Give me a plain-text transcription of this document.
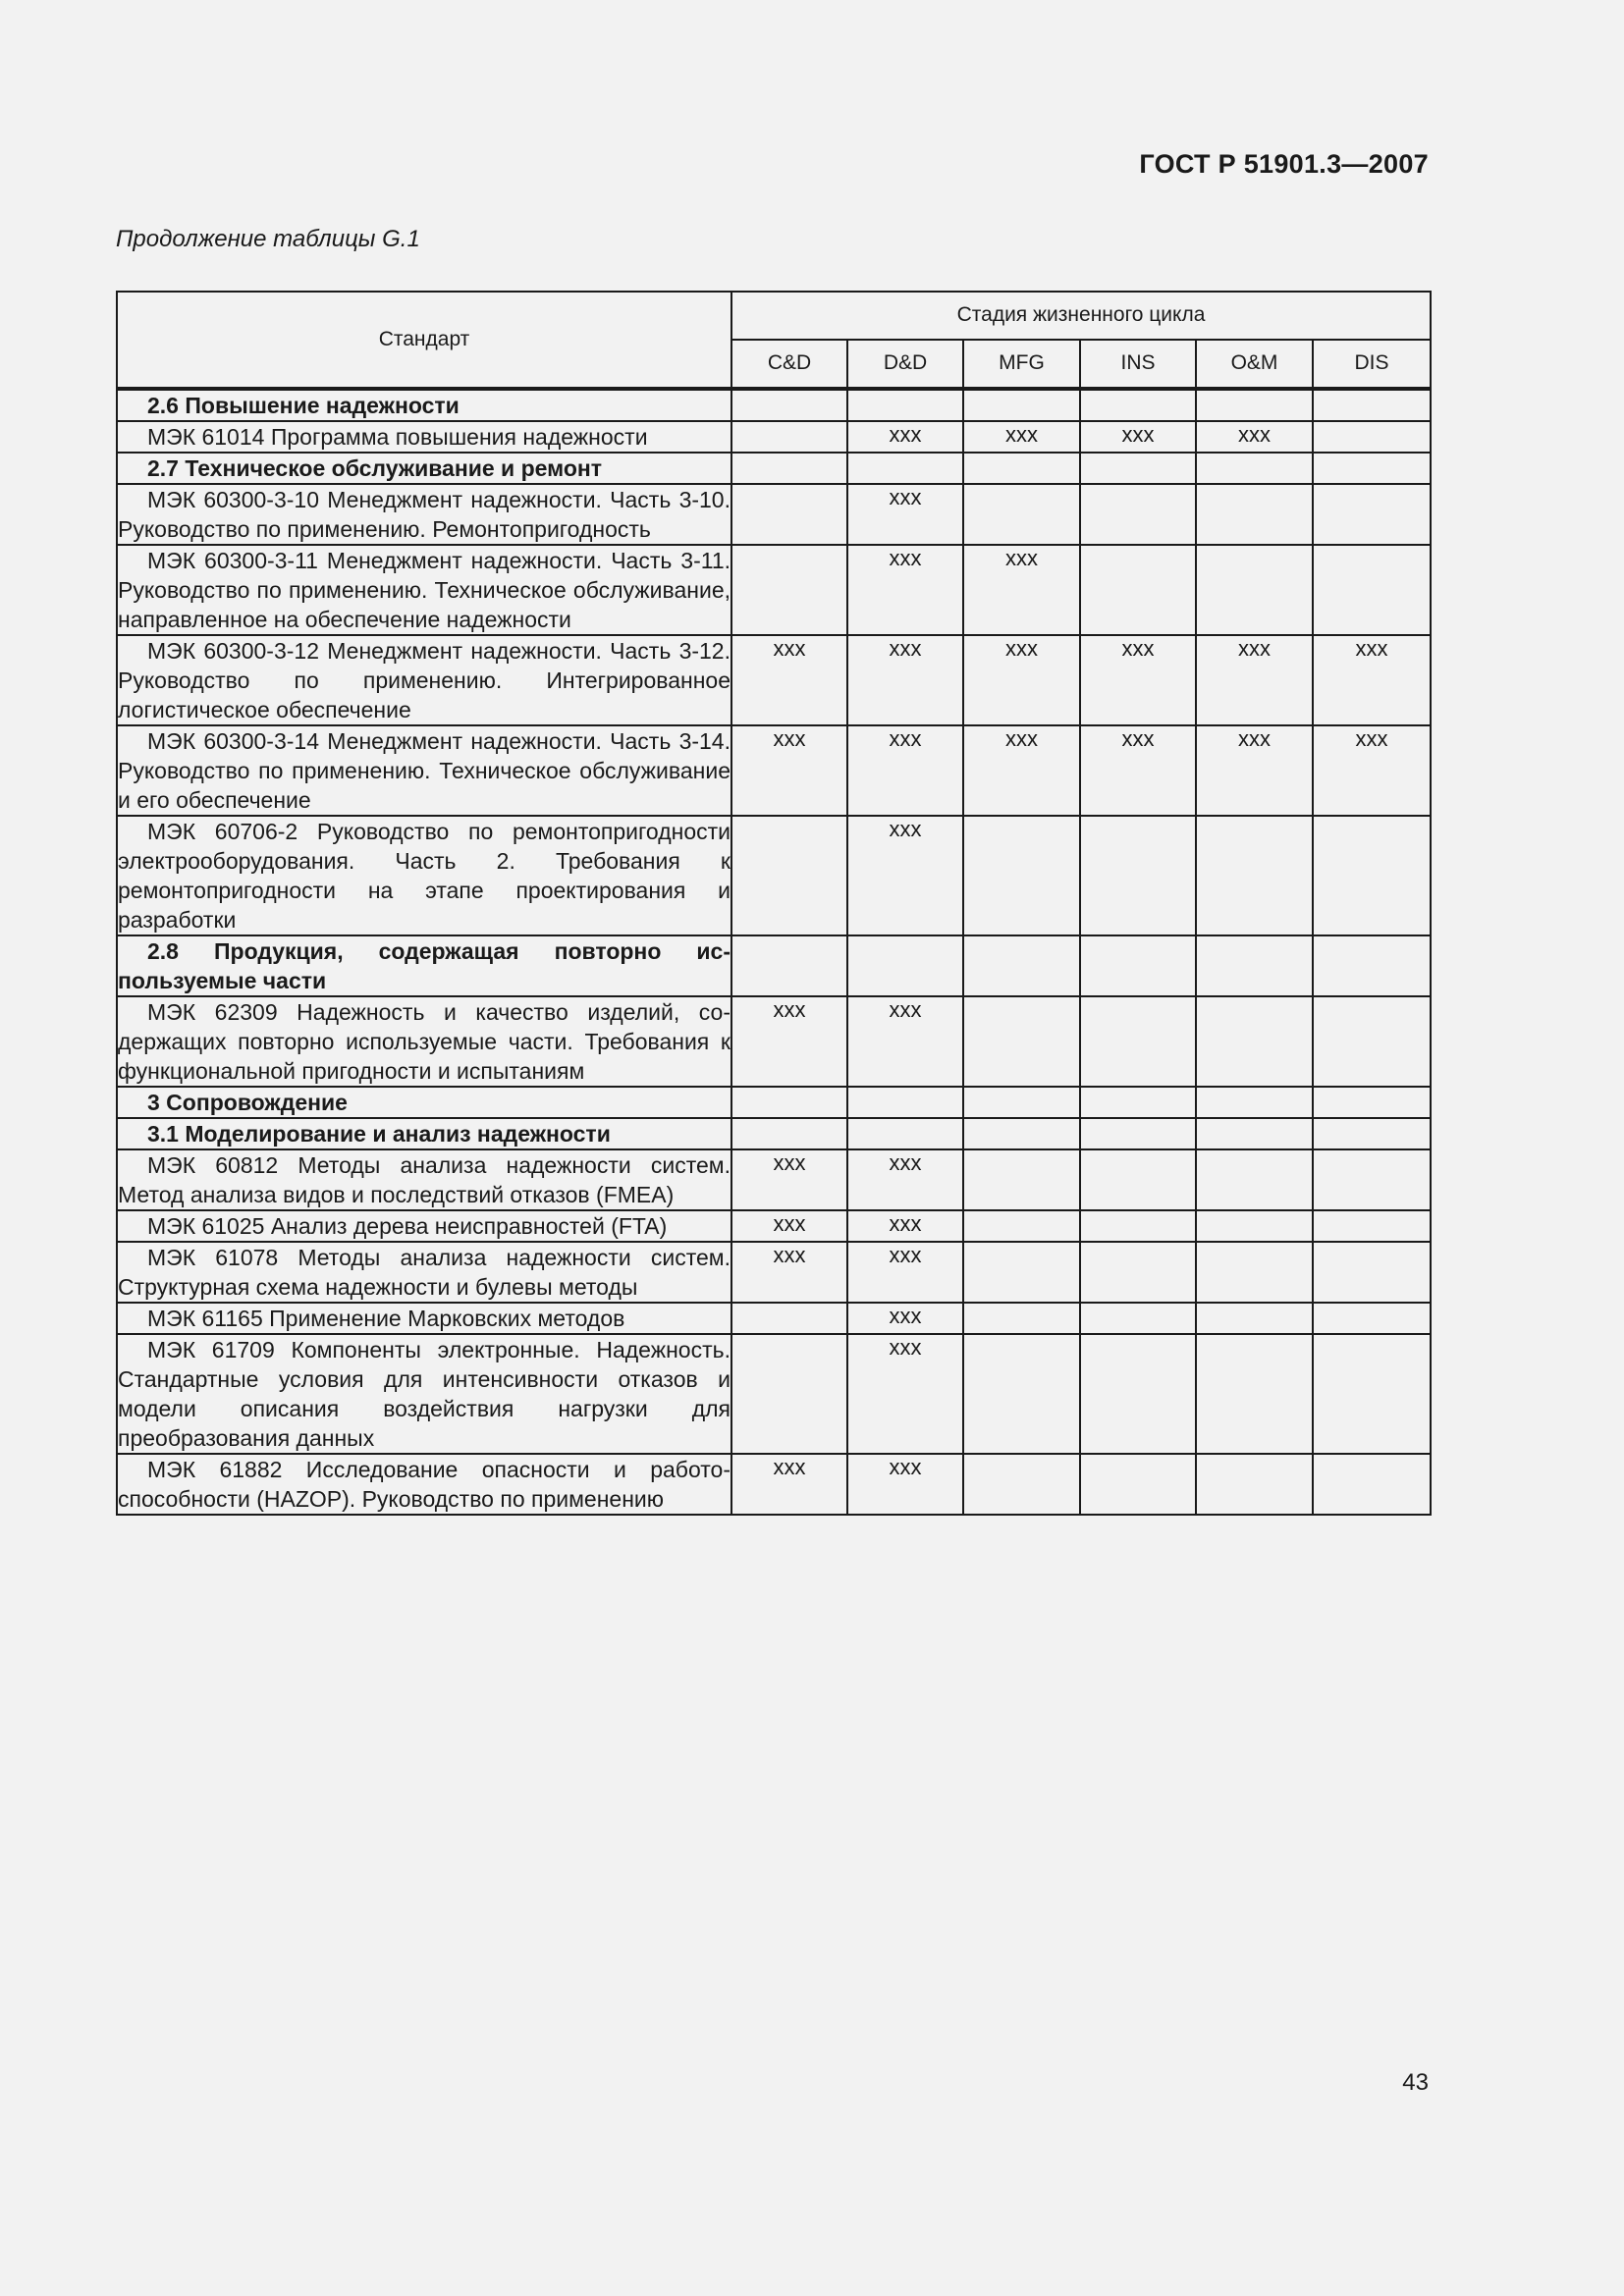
ГОСТ Р 51901.3—2007
Продолжение таблицы G.1
Стандарт	Стадия жизненного цикла					
	C&D	D&D	MFG	INS	O&M	DIS
2.6 Повышение надежности						
МЭК 61014 Программа повышения надежности		xxx	xxx	xxx	xxx	
2.7 Техническое обслуживание и ремонт						
МЭК 60300-3-10 Менеджмент надежности. Часть 3-10. Руководство по применению. Ремонтопригодность		xxx				
МЭК 60300-3-11 Менеджмент надежности. Часть 3-11. Руководство по применению. Техническое обслуживание, направленное на обеспечение надежности		xxx	xxx			
МЭК 60300-3-12 Менеджмент надежности. Часть 3-12. Руководство по применению. Интегрированное логистическое обеспечение	xxx	xxx	xxx	xxx	xxx	xxx
МЭК 60300-3-14 Менеджмент надежности. Часть 3-14. Руководство по применению. Техническое обслуживание и его обеспечение	xxx	xxx	xxx	xxx	xxx	xxx
МЭК 60706-2 Руководство по ремонтопригодности электрооборудования. Часть 2. Требования к ремонтопригодности на этапе проектирования и разработки		xxx				
2.8 Продукция, содержащая повторно используемые части						
МЭК 62309 Надежность и качество изделий, содержащих повторно используемые части. Требования к функциональной пригодности и испытаниям	xxx	xxx				
3 Сопровождение						
3.1 Моделирование и анализ надежности						
МЭК 60812 Методы анализа надежности систем. Метод анализа видов и последствий отказов (FMEA)	xxx	xxx				
МЭК 61025 Анализ дерева неисправностей (FTA)	xxx	xxx				
МЭК 61078 Методы анализа надежности систем. Структурная схема надежности и булевы методы	xxx	xxx				
МЭК 61165 Применение Марковских методов		xxx				
МЭК 61709 Компоненты электронные. Надежность. Стандартные условия для интенсивности отказов и модели описания воздействия нагрузки для преобразования данных		xxx				
МЭК 61882 Исследование опасности и работоспособности (HAZOP). Руководство по применению	xxx	xxx				
43
